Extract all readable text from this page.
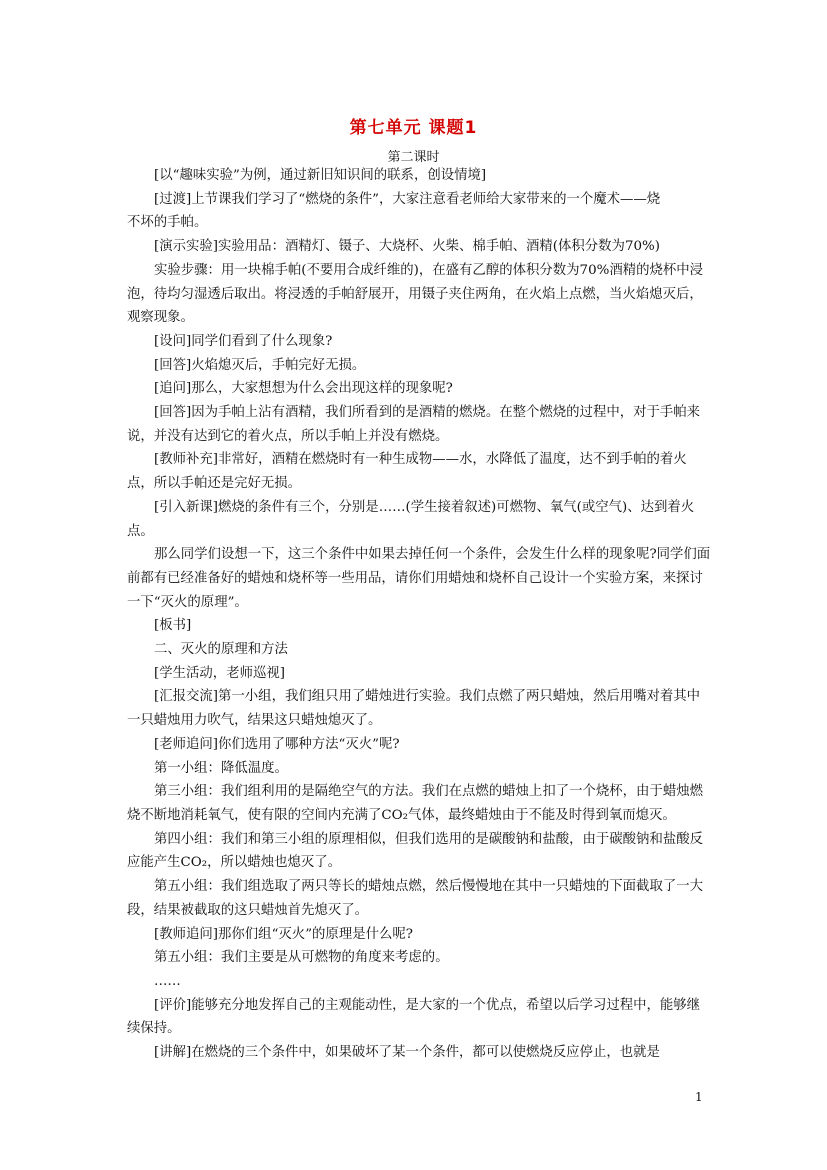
第七单元 课题1
第二课时

[以“趣味实验”为例，通过新旧知识间的联系，创设情境]

[过渡]上节课我们学习了“燃烧的条件”，大家注意看老师给大家带来的一个魔术——烧

不坏的手帕。

[演示实验]实验用品：酒精灯、镊子、大烧杯、火柴、棉手帕、酒精(体积分数为70%)

实验步骤：用一块棉手帕(不要用合成纤维的)，在盛有乙醇的体积分数为70%酒精的烧杯中浸泡，待均匀湿透后取出。将浸透的手帕舒展开，用镊子夹住两角，在火焰上点燃，当火焰熄灭后，观察现象。

[设问]同学们看到了什么现象?

[回答]火焰熄灭后，手帕完好无损。

[追问]那么，大家想想为什么会出现这样的现象呢?

[回答]因为手帕上沾有酒精，我们所看到的是酒精的燃烧。在整个燃烧的过程中，对于手帕来说，并没有达到它的着火点，所以手帕上并没有燃烧。

[教师补充]非常好，酒精在燃烧时有一种生成物——水，水降低了温度，达不到手帕的着火点，所以手帕还是完好无损。

[引入新课]燃烧的条件有三个，分别是……(学生接着叙述)可燃物、氧气(或空气)、达到着火点。

那么同学们设想一下，这三个条件中如果去掉任何一个条件，会发生什么样的现象呢?同学们面前都有已经准备好的蜡烛和烧杯等一些用品，请你们用蜡烛和烧杯自己设计一个实验方案，来探讨一下“灭火的原理”。

[板书]

二、灭火的原理和方法

[学生活动，老师巡视]

[汇报交流]第一小组，我们组只用了蜡烛进行实验。我们点燃了两只蜡烛，然后用嘴对着其中一只蜡烛用力吹气，结果这只蜡烛熄灭了。

[老师追问]你们选用了哪种方法“灭火”呢?

第一小组：降低温度。

第三小组：我们组利用的是隔绝空气的方法。我们在点燃的蜡烛上扣了一个烧杯，由于蜡烛燃烧不断地消耗氧气，使有限的空间内充满了CO₂气体，最终蜡烛由于不能及时得到氧而熄灭。

第四小组：我们和第三小组的原理相似，但我们选用的是碳酸钠和盐酸，由于碳酸钠和盐酸反应能产生CO₂，所以蜡烛也熄灭了。

第五小组：我们组选取了两只等长的蜡烛点燃，然后慢慢地在其中一只蜡烛的下面截取了一大段，结果被截取的这只蜡烛首先熄灭了。

[教师追问]那你们组“灭火”的原理是什么呢?

第五小组：我们主要是从可燃物的角度来考虑的。

……

[评价]能够充分地发挥自己的主观能动性，是大家的一个优点，希望以后学习过程中，能够继续保持。

[讲解]在燃烧的三个条件中，如果破坏了某一个条件，都可以使燃烧反应停止，也就是

1
